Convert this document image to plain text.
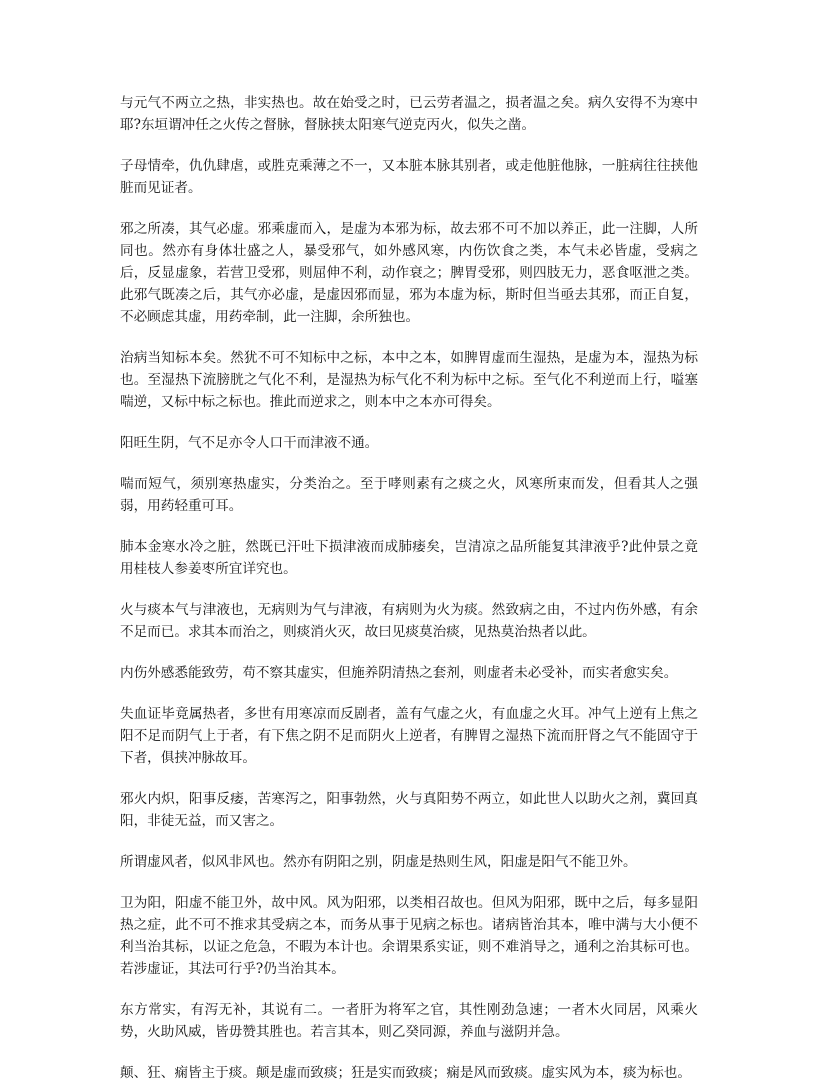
与元气不两立之热，非实热也。故在始受之时，已云劳者温之，损者温之矣。病久安得不为寒中耶?东垣谓冲任之火传之督脉，督脉挟太阳寒气逆克丙火，似失之凿。

子母情牵，仇仇肆虐，或胜克乘薄之不一，又本脏本脉其别者，或走他脏他脉，一脏病往往挟他脏而见证者。

邪之所凑，其气必虚。邪乘虚而入，是虚为本邪为标，故去邪不可不加以养正，此一注脚，人所同也。然亦有身体壮盛之人，暴受邪气，如外感风寒，内伤饮食之类，本气未必皆虚，受病之后，反显虚象，若营卫受邪，则屈伸不利，动作衰之；脾胃受邪，则四肢无力，恶食呕泄之类。此邪气既凑之后，其气亦必虚，是虚因邪而显，邪为本虚为标，斯时但当亟去其邪，而正自复，不必顾虑其虚，用药牵制，此一注脚，余所独也。

治病当知标本矣。然犹不可不知标中之标，本中之本，如脾胃虚而生湿热，是虚为本，湿热为标也。至湿热下流膀胱之气化不利，是湿热为标气化不利为标中之标。至气化不利逆而上行，嗌塞喘逆，又标中标之标也。推此而逆求之，则本中之本亦可得矣。

阳旺生阴，气不足亦令人口干而津液不通。

喘而短气，须别寒热虚实，分类治之。至于哮则素有之痰之火，风寒所束而发，但看其人之强弱，用药轻重可耳。

肺本金寒水冷之脏，然既已汗吐下损津液而成肺痿矣，岂清凉之品所能复其津液乎?此仲景之竟用桂枝人参姜枣所宜详究也。

火与痰本气与津液也，无病则为气与津液，有病则为火为痰。然致病之由，不过内伤外感，有余不足而已。求其本而治之，则痰消火灭，故曰见痰莫治痰，见热莫治热者以此。

内伤外感悉能致劳，苟不察其虚实，但施养阴清热之套剂，则虚者未必受补，而实者愈实矣。

失血证毕竟属热者，多世有用寒凉而反剧者，盖有气虚之火，有血虚之火耳。冲气上逆有上焦之阳不足而阴气上于者，有下焦之阴不足而阴火上逆者，有脾胃之湿热下流而肝肾之气不能固守于下者，俱挟冲脉故耳。

邪火内炽，阳事反痿，苦寒泻之，阳事勃然，火与真阳势不两立，如此世人以助火之剂，冀回真阳，非徒无益，而又害之。

所谓虚风者，似风非风也。然亦有阴阳之别，阴虚是热则生风，阳虚是阳气不能卫外。

卫为阳，阳虚不能卫外，故中风。风为阳邪，以类相召故也。但风为阳邪，既中之后，每多显阳热之症，此不可不推求其受病之本，而务从事于见病之标也。诸病皆治其本，唯中满与大小便不利当治其标，以证之危急，不暇为本计也。余谓果系实证，则不难消导之，通利之治其标可也。若涉虚证，其法可行乎?仍当治其本。

东方常实，有泻无补，其说有二。一者肝为将军之官，其性刚劲急速；一者木火同居，风乘火势，火助风威，皆毋赞其胜也。若言其本，则乙癸同源，养血与滋阴并急。

颠、狂、痫皆主于痰。颠是虚而致痰；狂是实而致痰；痫是风而致痰。虚实风为本，痰为标也。
